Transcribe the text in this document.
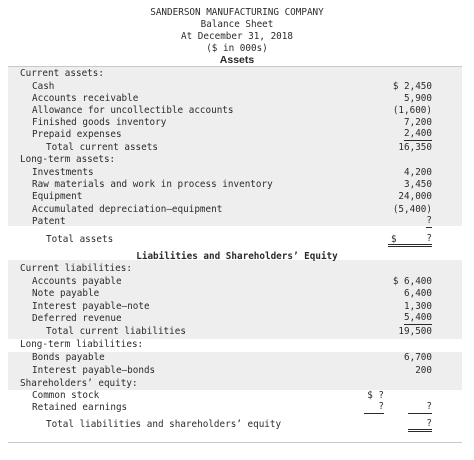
SANDERSON MANUFACTURING COMPANY
Balance Sheet
At December 31, 2018
($ in 000s)
Assets
Current assets:
Cash	$ 2,450
Accounts receivable	5,900
Allowance for uncollectible accounts	(1,600)
Finished goods inventory	7,200
Prepaid expenses	2,400
Total current assets	16,350
Long-term assets:
Investments	4,200
Raw materials and work in process inventory	3,450
Equipment	24,000
Accumulated depreciation—equipment	(5,400)
Patent	?
Total assets	$	?
Liabilities and Shareholders’ Equity
Current liabilities:
Accounts payable	$ 6,400
Note payable	6,400
Interest payable—note	1,300
Deferred revenue	5,400
Total current liabilities	19,500
Long-term liabilities:
Bonds payable	6,700
Interest payable—bonds	200
Shareholders’ equity:
Common stock	$ ?
Retained earnings	?	?
Total liabilities and shareholders’ equity	?
